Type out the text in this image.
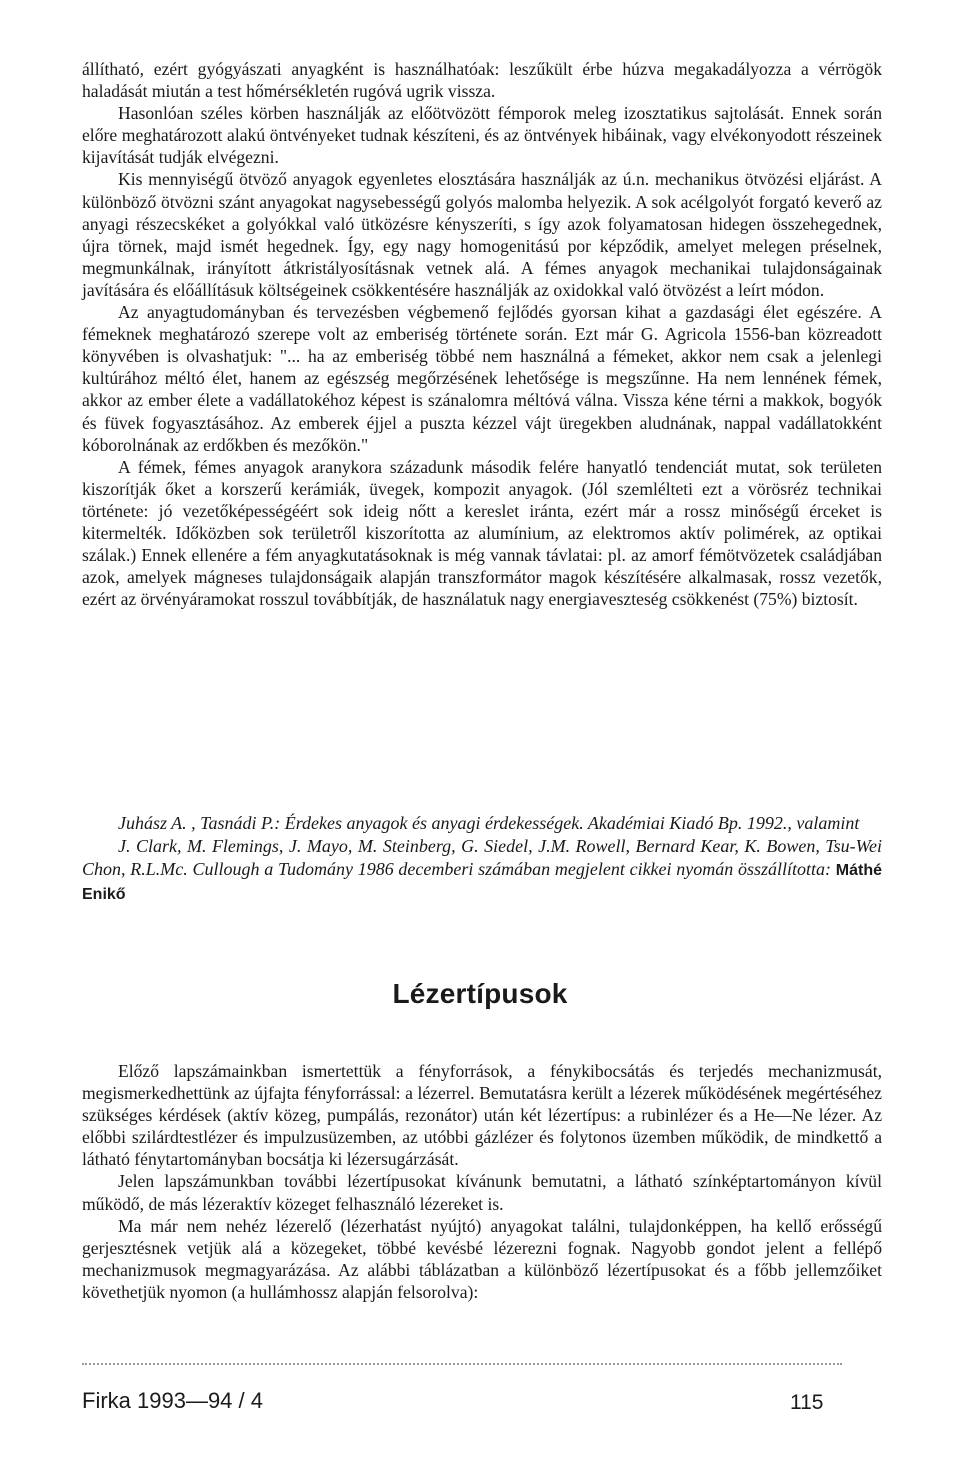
állítható, ezért gyógyászati anyagként is használhatóak: leszűkült érbe húzva megakadályozza a vérrögök haladását miután a test hőmérsékletén rugóvá ugrik vissza.

Hasonlóan széles körben használják az előötvözött fémporok meleg izosztatikus sajtolását. Ennek során előre meghatározott alakú öntvényeket tudnak készíteni, és az öntvények hibáinak, vagy elvékonyodott részeinek kijavítását tudják elvégezni.

Kis mennyiségű ötvöző anyagok egyenletes elosztására használják az ú.n. mechanikus ötvözési eljárást. A különböző ötvözni szánt anyagokat nagysebességű golyós malomba helyezik. A sok acélgolyót forgató keverő az anyagi részecskéket a golyókkal való ütközésre kényszeríti, s így azok folyamatosan hidegen összehegednek, újra törnek, majd ismét hegednek. Így, egy nagy homogenitású por képződik, amelyet melegen préselnek, megmunkálnak, irányított átkristályosításnak vetnek alá. A fémes anyagok mechanikai tulajdonságainak javítására és előállításuk költségeinek csökkentésére használják az oxidokkal való ötvözést a leírt módon.

Az anyagtudományban és tervezésben végbemenő fejlődés gyorsan kihat a gazdasági élet egészére. A fémeknek meghatározó szerepe volt az emberiség története során. Ezt már G. Agricola 1556-ban közreadott könyvében is olvashatjuk: "... ha az emberiség többé nem használná a fémeket, akkor nem csak a jelenlegi kultúrához méltó élet, hanem az egészség megőrzésének lehetősége is megszűnne. Ha nem lennének fémek, akkor az ember élete a vadállatokéhoz képest is szánalomra méltóvá válna. Vissza kéne térni a makkok, bogyók és füvek fogyasztásához. Az emberek éjjel a puszta kézzel vájt üregekben aludnának, nappal vadállatokként kóborolnának az erdőkben és mezőkön."

A fémek, fémes anyagok aranykora századunk második felére hanyatló tendenciát mutat, sok területen kiszorítják őket a korszerű kerámiák, üvegek, kompozit anyagok. (Jól szemlélteti ezt a vörösréz technikai története: jó vezetőképességéért sok ideig nőtt a kereslet iránta, ezért már a rossz minőségű érceket is kitermelték. Időközben sok területről kiszorította az alumínium, az elektromos aktív polimérek, az optikai szálak.) Ennek ellenére a fém anyagkutatásoknak is még vannak távlatai: pl. az amorf fémötvözetek családjában azok, amelyek mágneses tulajdonságaik alapján transzformátor magok készítésére alkalmasak, rossz vezetők, ezért az örvényáramokat rosszul továbbítják, de használatuk nagy energiaveszteség csökkenést (75%) biztosít.

Juhász A. , Tasnádi P.: Érdekes anyagok és anyagi érdekességek. Akadémiai Kiadó Bp. 1992., valamint

J. Clark, M. Flemings, J. Mayo, M. Steinberg, G. Siedel, J.M. Rowell, Bernard Kear, K. Bowen, Tsu-Wei Chon, R.L.Mc. Cullough a Tudomány 1986 decemberi számában megjelent cikkei nyomán összállította: Máthé Enikő

Lézertípusok

Előző lapszámainkban ismertettük a fényforrások, a fénykibocsátás és terjedés mechanizmusát, megismerkedhettünk az újfajta fényforrással: a lézerrel. Bemutatásra került a lézerek működésének megértéséhez szükséges kérdések (aktív közeg, pumpálás, rezonátor) után két lézertípus: a rubinlézer és a He—Ne lézer. Az előbbi szilárdtestlézer és impulzusüzemben, az utóbbi gázlézer és folytonos üzemben működik, de mindkettő a látható fénytartományban bocsátja ki lézersugárzását.

Jelen lapszámunkban további lézertípusokat kívánunk bemutatni, a látható színképtartományon kívül működő, de más lézeraktív közeget felhasználó lézereket is.

Ma már nem nehéz lézerelő (lézerhatást nyújtó) anyagokat találni, tulajdonképpen, ha kellő erősségű gerjesztésnek vetjük alá a közegeket, többé kevésbé lézerezni fognak. Nagyobb gondot jelent a fellépő mechanizmusok megmagyarázása. Az alábbi táblázatban a különböző lézertípusokat és a főbb jellemzőiket követhetjük nyomon (a hullámhossz alapján felsorolva):

Firka 1993—94 / 4	115
